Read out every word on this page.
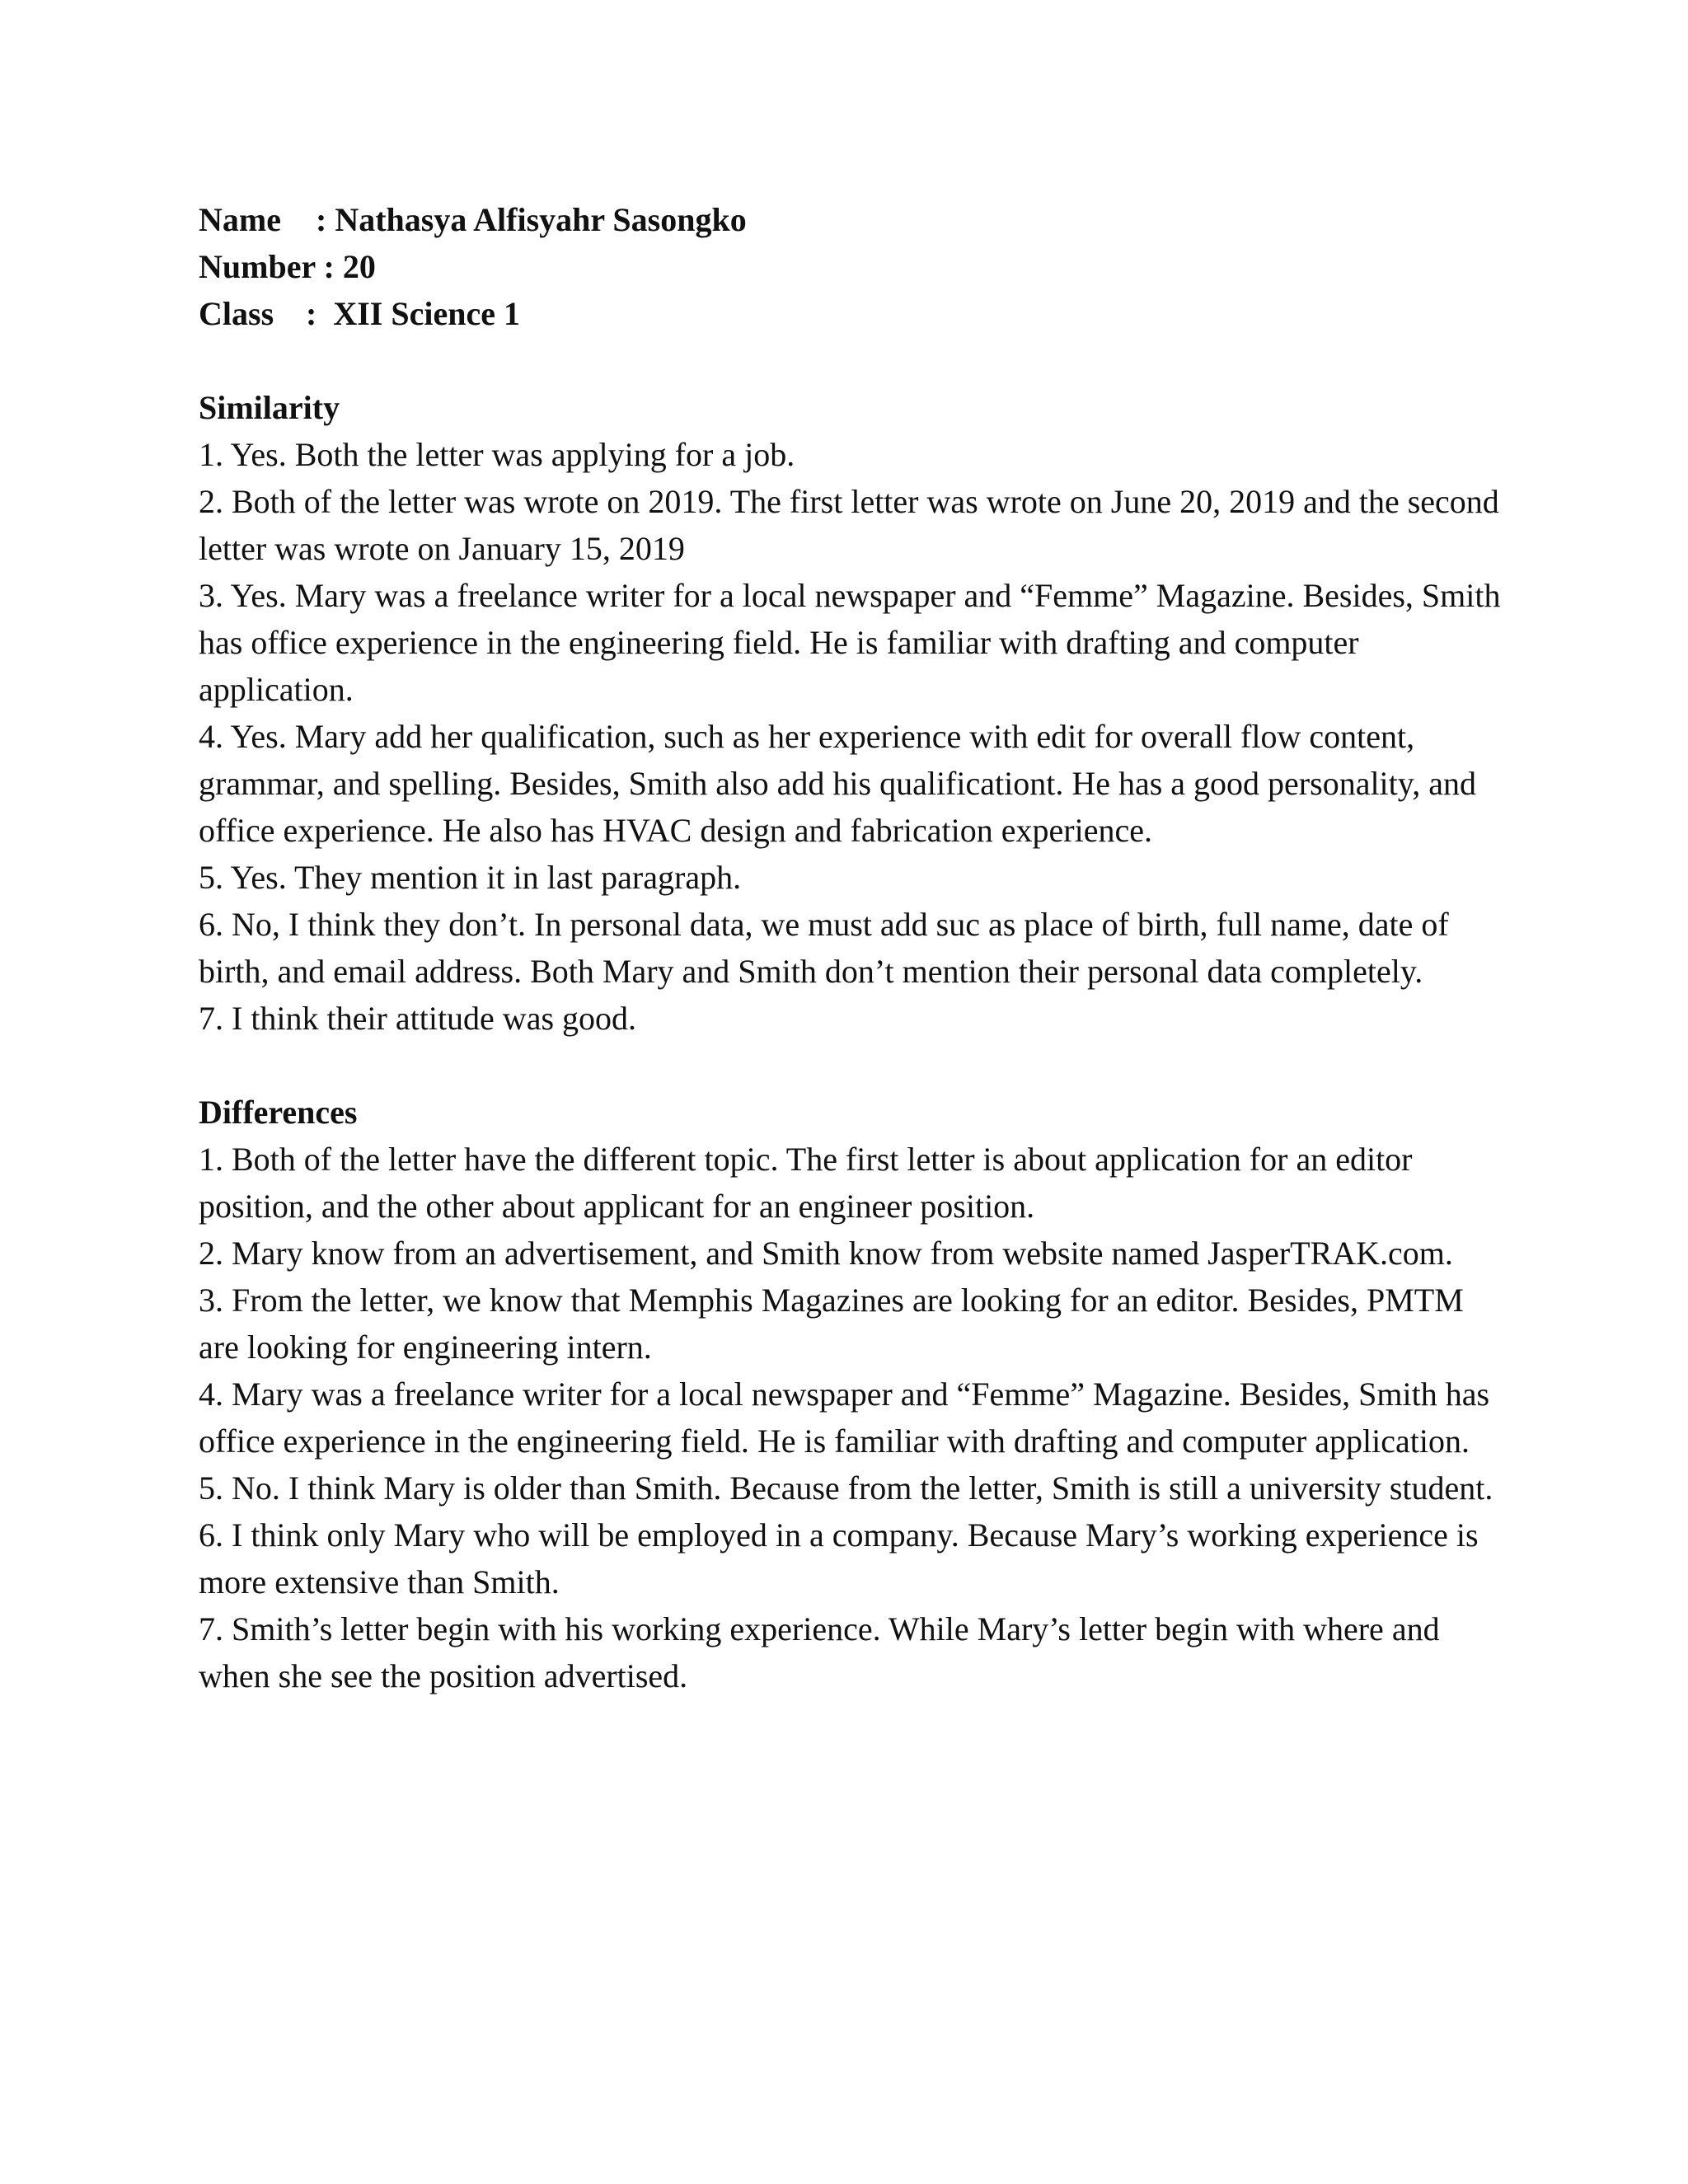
Name : Nathasya Alfisyahr Sasongko
Number : 20
Class :  XII Science 1
Similarity
1. Yes. Both the letter was applying for a job.
2. Both of the letter was wrote on 2019. The first letter was wrote on June 20, 2019 and the second letter was wrote on January 15, 2019
3. Yes. Mary was a freelance writer for a local newspaper and “Femme” Magazine. Besides, Smith has office experience in the engineering field. He is familiar with drafting and computer application.
4. Yes. Mary add her qualification, such as her experience with edit for overall flow content, grammar, and spelling. Besides, Smith also add his qualificationt. He has a good personality, and office experience. He also has HVAC design and fabrication experience.
5. Yes. They mention it in last paragraph.
6. No, I think they don’t. In personal data, we must add suc as place of birth, full name, date of birth, and email address. Both Mary and Smith don’t mention their personal data completely.
7. I think their attitude was good.
Differences
1. Both of the letter have the different topic. The first letter is about application for an editor position, and the other about applicant for an engineer position.
2. Mary know from an advertisement, and Smith know from website named JasperTRAK.com.
3. From the letter, we know that Memphis Magazines are looking for an editor. Besides, PMTM are looking for engineering intern.
4. Mary was a freelance writer for a local newspaper and “Femme” Magazine. Besides, Smith has office experience in the engineering field. He is familiar with drafting and computer application.
5. No. I think Mary is older than Smith. Because from the letter, Smith is still a university student.
6. I think only Mary who will be employed in a company. Because Mary’s working experience is more extensive than Smith.
7. Smith’s letter begin with his working experience. While Mary’s letter begin with where and when she see the position advertised.
